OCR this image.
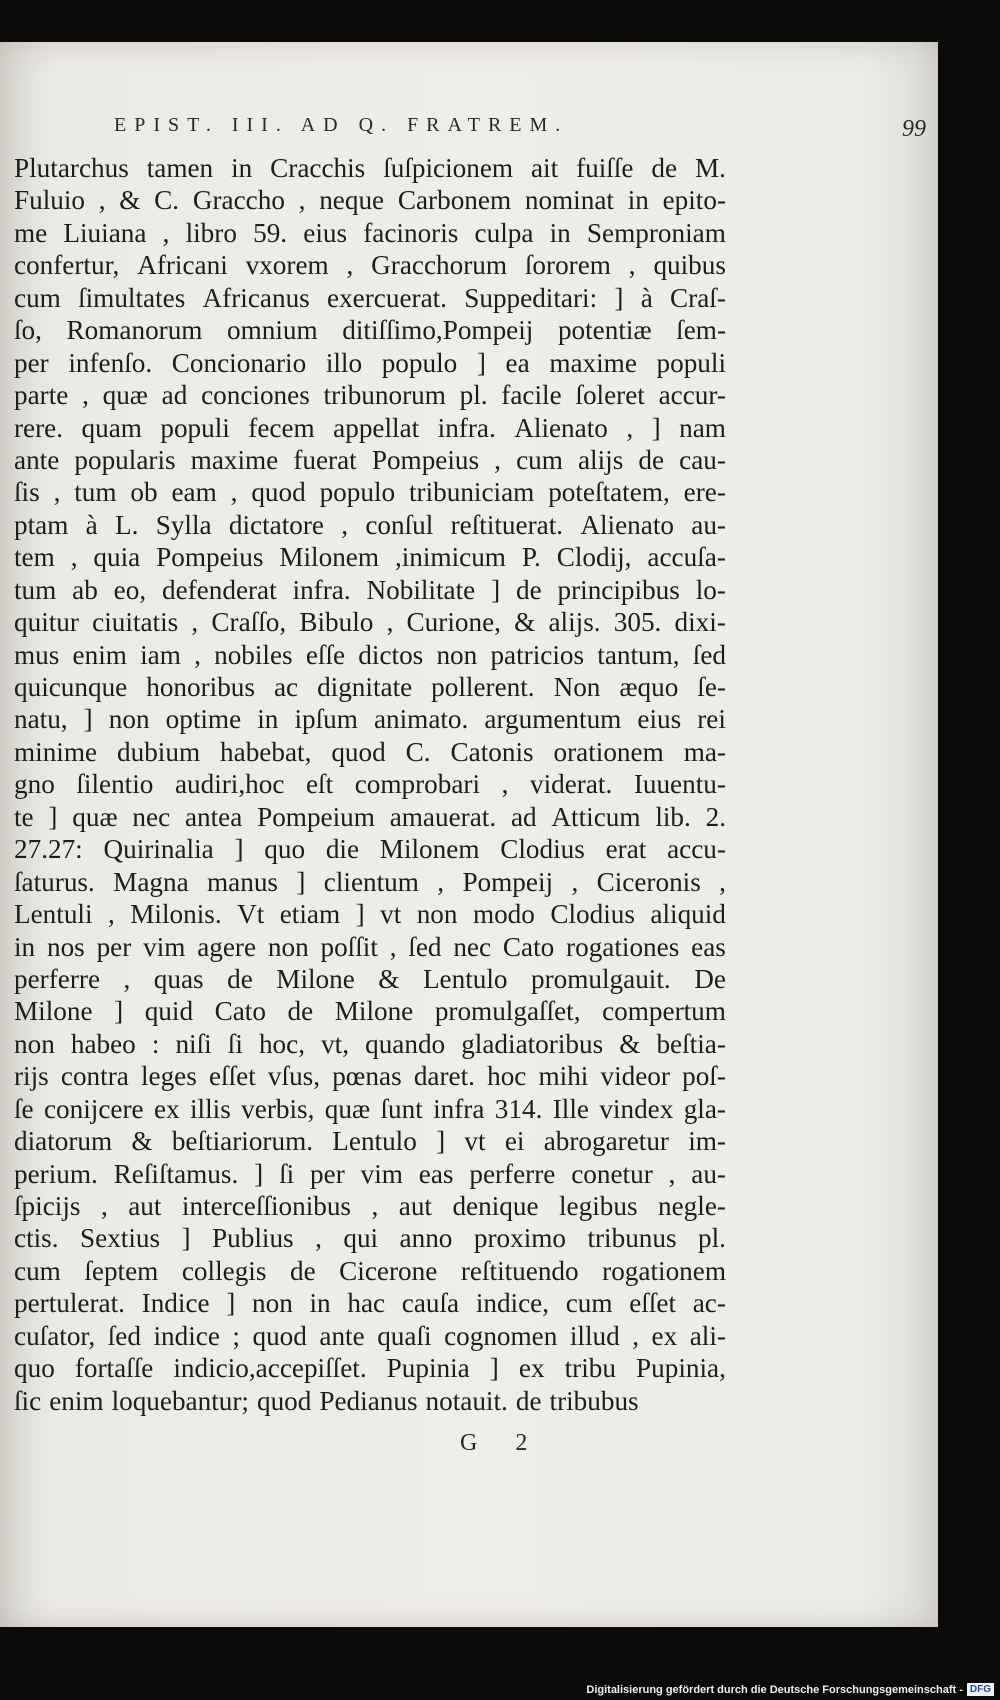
EPIST. III. AD Q. FRATREM.	99
Plutarchus tamen in Cracchis ſuſpicionem ait fuiſſe de M.
Fuluio , & C. Gracchо , neque Carbonem nominat in epito-
me Liuiana , libro 59. eius facinoris culpa in Semproniam
confertur, Africani vxorem , Gracchorum ſororem , quibus
cum ſimultates Africanus exercuerat. Suppeditari: ] à Craſ-
ſo, Romanorum omnium ditiſſimo,Pompeij potentiæ ſem-
per infenſo. Concionario illo populo ] ea maxime populi
parte , quæ ad conciones tribunorum pl. facile ſoleret accur-
rere. quam populi fecem appellat infra. Alienato , ] nam
ante popularis maxime fuerat Pompeius , cum alijs de cau-
ſis , tum ob eam , quod populo tribuniciam poteſtatem, ere-
ptam à L. Sylla dictatore , conſul reſtituerat. Alienato au-
tem , quia Pompeius Milonem ,inimicum P. Clodij, accuſa-
tum ab eo, defenderat infra. Nobilitate ] de principibus lo-
quitur ciuitatis , Craſſo, Bibulo , Curione, & alijs. 305. dixi-
mus enim iam , nobiles eſſe dictos non patricios tantum, ſed
quicunque honoribus ac dignitate pollerent. Non æquo ſe-
natu, ] non optime in ipſum animato. argumentum eius rei
minime dubium habebat, quod C. Catonis orationem ma-
gno ſilentio audiri,hoc eſt comprobari , viderat. Iuuentu-
te ] quæ nec antea Pompeium amauerat. ad Atticum lib. 2.
27.27: Quirinalia ] quo die Milonem Clodius erat accu-
ſaturus. Magna manus ] clientum , Pompeij , Ciceronis ,
Lentuli , Milonis. Vt etiam ] vt non modo Clodius aliquid
in nos per vim agere non poſſit , ſed nec Cato rogationes eas
perferre , quas de Milone & Lentulo promulgauit. De
Milone ] quid Cato de Milone promulgaſſet, compertum
non habeo : niſi ſi hoc, vt, quando gladiatoribus & beſtia-
rijs contra leges eſſet vſus, pœnas daret. hoc mihi videor poſ-
ſe conijcere ex illis verbis, quæ ſunt infra 314. Ille vindex gla-
diatorum & beſtiariorum. Lentulo ] vt ei abrogaretur im-
perium. Reſiſtamus. ] ſi per vim eas perferre conetur , au-
ſpicijs , aut interceſſionibus , aut denique legibus negle-
ctis. Sextius ] Publius , qui anno proximo tribunus pl.
cum ſeptem collegis de Cicerone reſtituendo rogationem
pertulerat. Indice ] non in hac cauſa indice, cum eſſet ac-
cuſator, ſed indice ; quod ante quaſi cognomen illud , ex ali-
quo fortaſſe indicio,accepiſſet. Pupinia ] ex tribu Pupinia,
ſic enim loquebantur; quod Pedianus notauit. de tribubus
G 2
Digitalisierung gefördert durch die Deutsche Forschungsgemeinschaft - DFG
